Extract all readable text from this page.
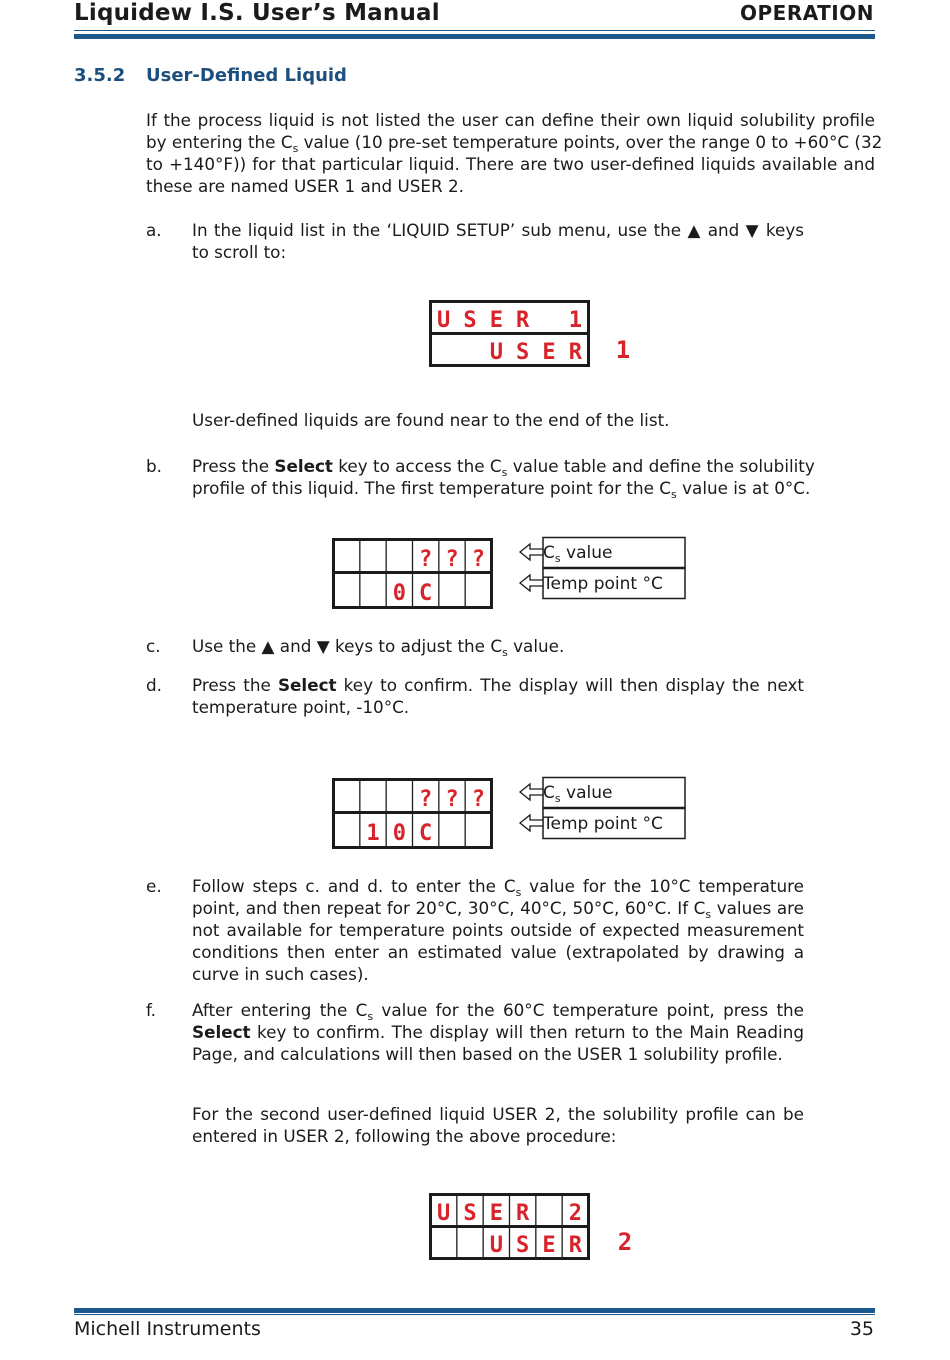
Liquidew I.S. User’s Manual	OPERATION
3.5.2 User-Defined Liquid
If the process liquid is not listed the user can define their own liquid solubility profile
by entering the $C_s$ value (10 pre-set temperature points, over the range 0 to +60°C (32
to +140°F)) for that particular liquid. There are two user-defined liquids available and
these are named USER 1 and USER 2.
a. In the liquid list in the ‘LIQUID SETUP’ sub menu, use the ▲ and ▼ keys
to scroll to:
U S E R 1
U S E R 1
User-defined liquids are found near to the end of the list.
b. Press the Select key to access the $C_s$ value table and define the solubility
profile of this liquid. The first temperature point for the $C_s$ value is at 0°C.
? ? ?
0 C
$C_s$ value
Temp point °C
c. Use the ▲ and ▼ keys to adjust the $C_s$ value.
d. Press the Select key to confirm. The display will then display the next
temperature point, -10°C.
? ? ?
1 0 C
$C_s$ value
Temp point °C
e. Follow steps c. and d. to enter the $C_s$ value for the 10°C temperature
point, and then repeat for 20°C, 30°C, 40°C, 50°C, 60°C. If $C_s$ values are
not available for temperature points outside of expected measurement
conditions then enter an estimated value (extrapolated by drawing a
curve in such cases).
f. After entering the $C_s$ value for the 60°C temperature point, press the
Select key to confirm. The display will then return to the Main Reading
Page, and calculations will then based on the USER 1 solubility profile.
For the second user-defined liquid USER 2, the solubility profile can be
entered in USER 2, following the above procedure:
U S E R 2
U S E R 2
Michell Instruments	35
